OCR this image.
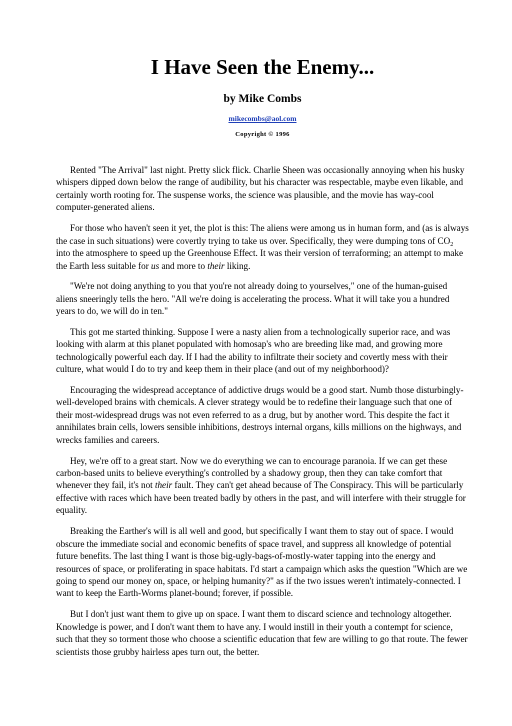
I Have Seen the Enemy...
by Mike Combs
mikecombs@aol.com
Copyright © 1996

Rented "The Arrival" last night. Pretty slick flick. Charlie Sheen was occasionally annoying when his husky whispers dipped down below the range of audibility, but his character was respectable, maybe even likable, and certainly worth rooting for. The suspense works, the science was plausible, and the movie has way-cool computer-generated aliens.

For those who haven't seen it yet, the plot is this: The aliens were among us in human form, and (as is always the case in such situations) were covertly trying to take us over. Specifically, they were dumping tons of $CO_2$ into the atmosphere to speed up the Greenhouse Effect. It was their version of terraforming; an attempt to make the Earth less suitable for us and more to their liking.

"We're not doing anything to you that you're not already doing to yourselves," one of the human-guised aliens sneeringly tells the hero. "All we're doing is accelerating the process. What it will take you a hundred years to do, we will do in ten."

This got me started thinking. Suppose I were a nasty alien from a technologically superior race, and was looking with alarm at this planet populated with homosap's who are breeding like mad, and growing more technologically powerful each day. If I had the ability to infiltrate their society and covertly mess with their culture, what would I do to try and keep them in their place (and out of my neighborhood)?

Encouraging the widespread acceptance of addictive drugs would be a good start. Numb those disturbingly-well-developed brains with chemicals. A clever strategy would be to redefine their language such that one of their most-widespread drugs was not even referred to as a drug, but by another word. This despite the fact it annihilates brain cells, lowers sensible inhibitions, destroys internal organs, kills millions on the highways, and wrecks families and careers.

Hey, we're off to a great start. Now we do everything we can to encourage paranoia. If we can get these carbon-based units to believe everything's controlled by a shadowy group, then they can take comfort that whenever they fail, it's not their fault. They can't get ahead because of The Conspiracy. This will be particularly effective with races which have been treated badly by others in the past, and will interfere with their struggle for equality.

Breaking the Earther's will is all well and good, but specifically I want them to stay out of space. I would obscure the immediate social and economic benefits of space travel, and suppress all knowledge of potential future benefits. The last thing I want is those big-ugly-bags-of-mostly-water tapping into the energy and resources of space, or proliferating in space habitats. I'd start a campaign which asks the question "Which are we going to spend our money on, space, or helping humanity?" as if the two issues weren't intimately-connected. I want to keep the Earth-Worms planet-bound; forever, if possible.

But I don't just want them to give up on space. I want them to discard science and technology altogether. Knowledge is power, and I don't want them to have any. I would instill in their youth a contempt for science, such that they so torment those who choose a scientific education that few are willing to go that route. The fewer scientists those grubby hairless apes turn out, the better.
